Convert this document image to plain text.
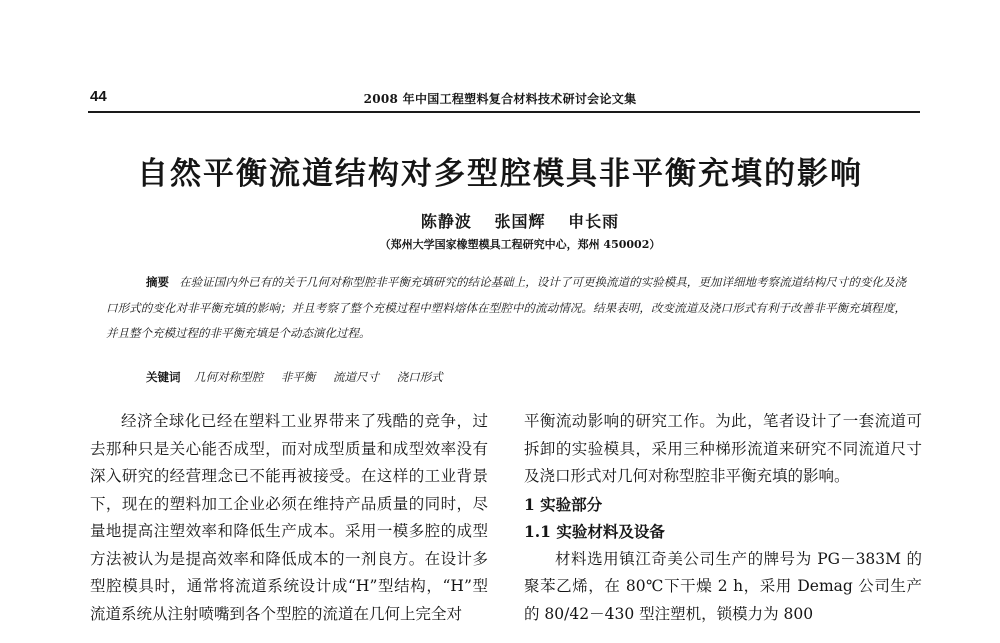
44	2008 年中国工程塑料复合材料技术研讨会论文集
自然平衡流道结构对多型腔模具非平衡充填的影响
陈静波 张国辉 申长雨
（郑州大学国家橡塑模具工程研究中心，郑州 450002）
摘要 在验证国内外已有的关于几何对称型腔非平衡充填研究的结论基础上，设计了可更换流道的实验模具，更加详细地考察流道结构尺寸的变化及浇口形式的变化对非平衡充填的影响；并且考察了整个充模过程中塑料熔体在型腔中的流动情况。结果表明，改变流道及浇口形式有利于改善非平衡充填程度，并且整个充模过程的非平衡充填是个动态演化过程。
关键词 几何对称型腔 非平衡 流道尺寸 浇口形式

经济全球化已经在塑料工业界带来了残酷的竞争，过去那种只是关心能否成型，而对成型质量和成型效率没有深入研究的经营理念已不能再被接受。在这样的工业背景下，现在的塑料加工企业必须在维持产品质量的同时，尽量地提高注塑效率和降低生产成本。采用一模多腔的成型方法被认为是提高效率和降低成本的一剂良方。在设计多型腔模具时，通常将流道系统设计成“H”型结构，“H”型流道系统从注射喷嘴到各个型腔的流道在几何上完全对

平衡流动影响的研究工作。为此，笔者设计了一套流道可拆卸的实验模具，采用三种梯形流道来研究不同流道尺寸及浇口形式对几何对称型腔非平衡充填的影响。

1 实验部分

1.1 实验材料及设备

材料选用镇江奇美公司生产的牌号为 PG－383M 的聚苯乙烯，在 80℃下干燥 2 h，采用 Demag 公司生产的 80/42－430 型注塑机，锁模力为 800
